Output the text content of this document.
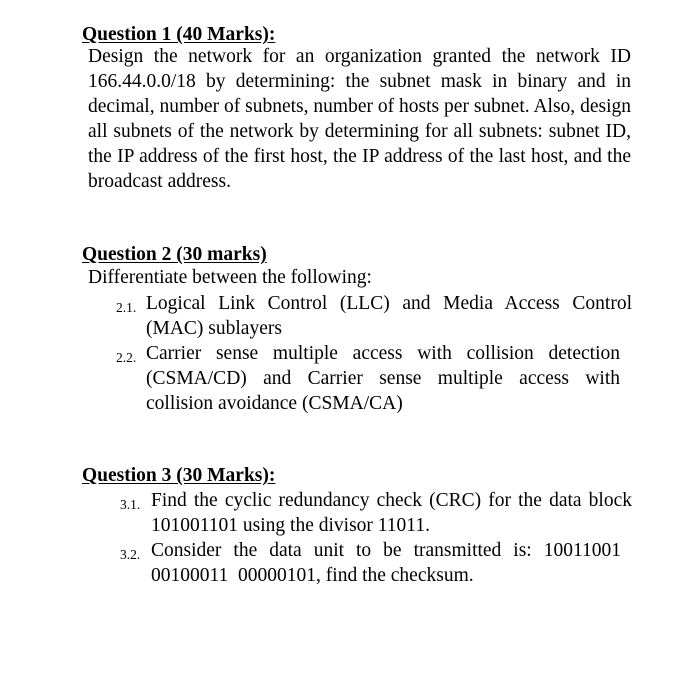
Question 1 (40 Marks):

Design the network for an organization granted the network ID 166.44.0.0/18 by determining: the subnet mask in binary and in decimal, number of subnets, number of hosts per subnet. Also, design all subnets of the network by determining for all subnets: subnet ID, the IP address of the first host, the IP address of the last host, and the broadcast address.

Question 2 (30 marks)

Differentiate between the following:

2.1. Logical Link Control (LLC) and Media Access Control (MAC) sublayers
2.2. Carrier sense multiple access with collision detection (CSMA/CD) and Carrier sense multiple access with collision avoidance (CSMA/CA)
Question 3 (30 Marks):
3.1. Find the cyclic redundancy check (CRC) for the data block 101001101 using the divisor 11011.
3.2. Consider the data unit to be transmitted is: 10011001 00100011  00000101, find the checksum.
